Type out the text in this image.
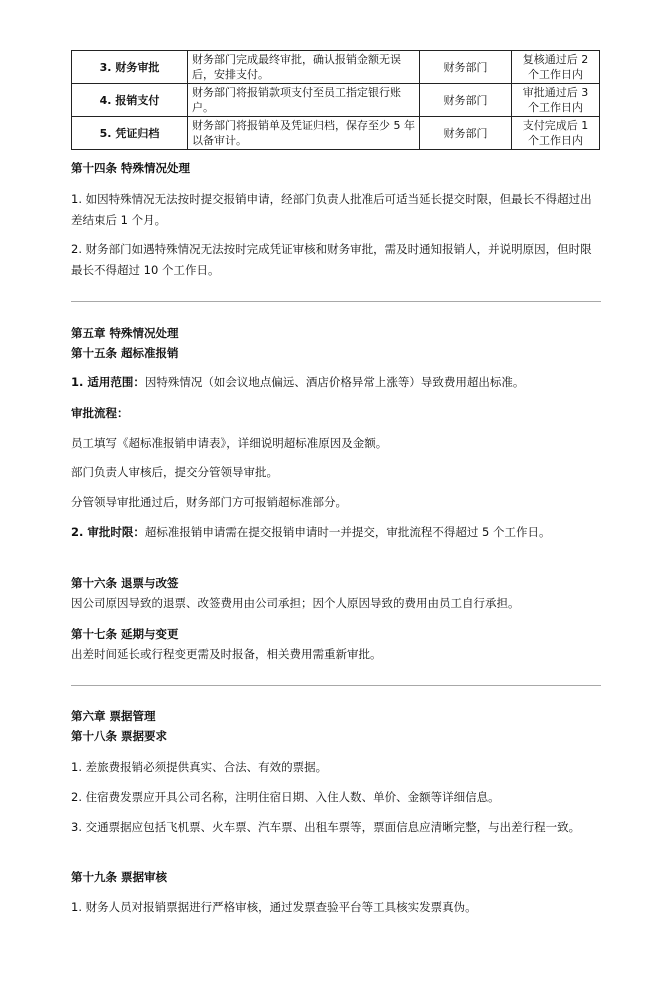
3. 财务审批	财务部门完成最终审批，确认报销金额无误后，安排支付。	财务部门	复核通过后 2 个工作日内
4. 报销支付	财务部门将报销款项支付至员工指定银行账户。	财务部门	审批通过后 3 个工作日内
5. 凭证归档	财务部门将报销单及凭证归档，保存至少 5 年以备审计。	财务部门	支付完成后 1 个工作日内
第十四条 特殊情况处理
1. 如因特殊情况无法按时提交报销申请，经部门负责人批准后可适当延长提交时限，但最长不得超过出差结束后 1 个月。
2. 财务部门如遇特殊情况无法按时完成凭证审核和财务审批，需及时通知报销人，并说明原因，但时限最长不得超过 10 个工作日。
第五章 特殊情况处理
第十五条 超标准报销
1. 适用范围：因特殊情况（如会议地点偏远、酒店价格异常上涨等）导致费用超出标准。
审批流程：
员工填写《超标准报销申请表》，详细说明超标准原因及金额。
部门负责人审核后，提交分管领导审批。
分管领导审批通过后，财务部门方可报销超标准部分。
2. 审批时限：超标准报销申请需在提交报销申请时一并提交，审批流程不得超过 5 个工作日。
第十六条 退票与改签
因公司原因导致的退票、改签费用由公司承担；因个人原因导致的费用由员工自行承担。
第十七条 延期与变更
出差时间延长或行程变更需及时报备，相关费用需重新审批。
第六章 票据管理
第十八条 票据要求
1. 差旅费报销必须提供真实、合法、有效的票据。
2. 住宿费发票应开具公司名称，注明住宿日期、入住人数、单价、金额等详细信息。
3. 交通票据应包括飞机票、火车票、汽车票、出租车票等，票面信息应清晰完整，与出差行程一致。
第十九条 票据审核
1. 财务人员对报销票据进行严格审核，通过发票查验平台等工具核实发票真伪。
